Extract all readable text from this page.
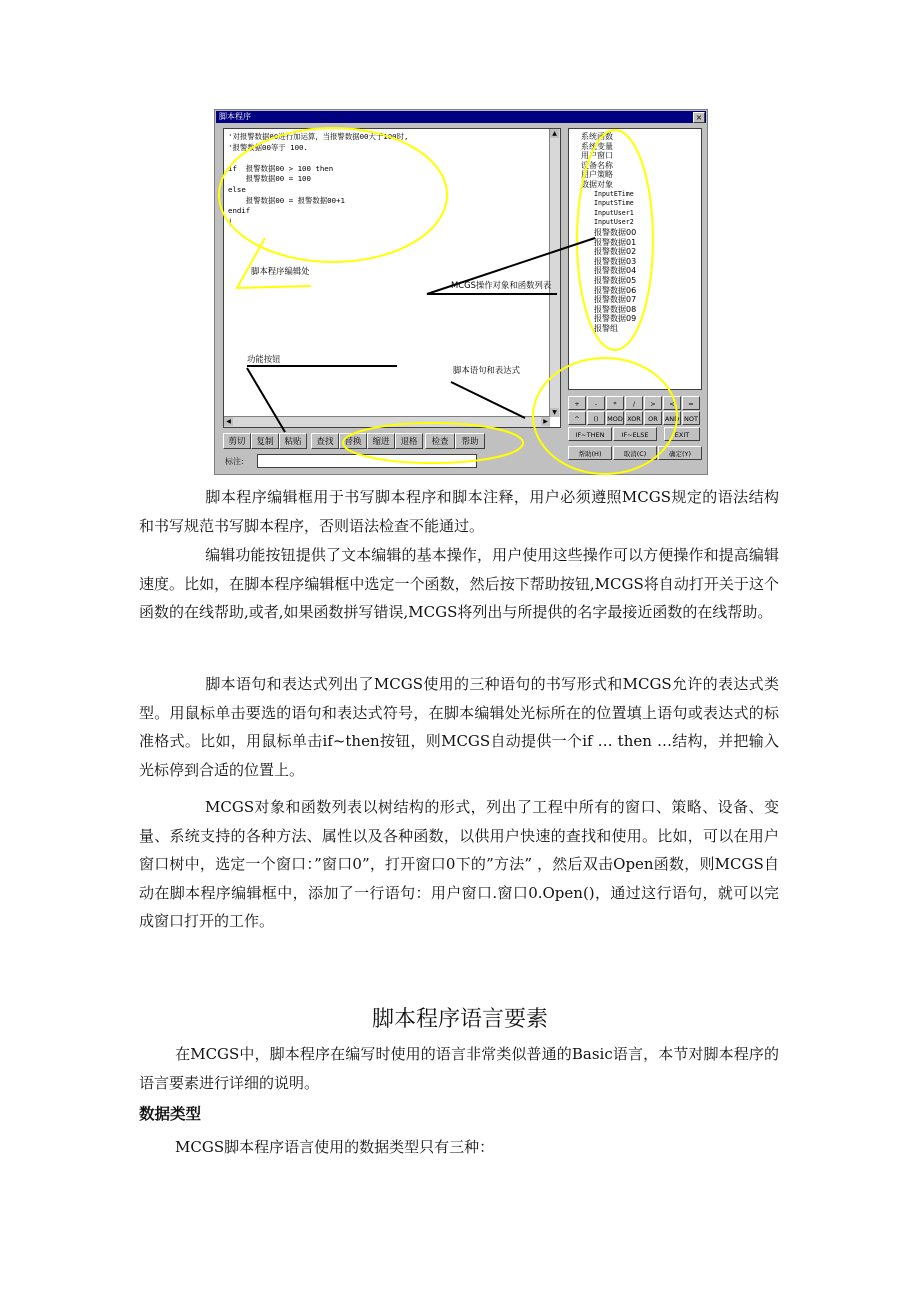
脚本程序	×
'对报警数据00进行加运算，当报警数据00大于100时,
'报警数据00等于 100.

if  报警数据00 > 100 then
报警数据00 = 100
else
报警数据00 = 报警数据00+1
endif
|
▲
▼
◀	▶
系统函数
系统变量
用户窗口
设备名称
用户策略
数据对象
InputETime
InputSTime
InputUser1
InputUser2
报警数据00
报警数据01
报警数据02
报警数据03
报警数据04
报警数据05
报警数据06
报警数据07
报警数据08
报警数据09
报警组
+	-	*	/	>	<	=
^	()	MOD XOR	OR	AND NOT
IF~THEN	IF~ELSE	EXIT
帮助(H)	取消(C)	确定(Y)
剪切	复制	粘贴	查找	替换	缩进	退格	检查	帮助
标注:
脚本程序编辑处
MCGS操作对象和函数列表
功能按钮
脚本语句和表达式

脚本程序编辑框用于书写脚本程序和脚本注释，用户必须遵照MCGS规定的语法结构和书写规范书写脚本程序，否则语法检查不能通过。

编辑功能按钮提供了文本编辑的基本操作，用户使用这些操作可以方便操作和提高编辑速度。比如，在脚本程序编辑框中选定一个函数，然后按下帮助按钮,MCGS将自动打开关于这个函数的在线帮助,或者,如果函数拼写错误,MCGS将列出与所提供的名字最接近函数的在线帮助。

脚本语句和表达式列出了MCGS使用的三种语句的书写形式和MCGS允许的表达式类型。用鼠标单击要选的语句和表达式符号，在脚本编辑处光标所在的位置填上语句或表达式的标准格式。比如，用鼠标单击if~then按钮，则MCGS自动提供一个if … then …结构，并把输入光标停到合适的位置上。

MCGS对象和函数列表以树结构的形式，列出了工程中所有的窗口、策略、设备、变量、系统支持的各种方法、属性以及各种函数，以供用户快速的查找和使用。比如，可以在用户窗口树中，选定一个窗口：”窗口0”，打开窗口0下的”方法” ，然后双击Open函数，则MCGS自动在脚本程序编辑框中，添加了一行语句：用户窗口.窗口0.Open()，通过这行语句，就可以完成窗口打开的工作。

脚本程序语言要素

在MCGS中，脚本程序在编写时使用的语言非常类似普通的Basic语言，本节对脚本程序的语言要素进行详细的说明。

数据类型

MCGS脚本程序语言使用的数据类型只有三种：
